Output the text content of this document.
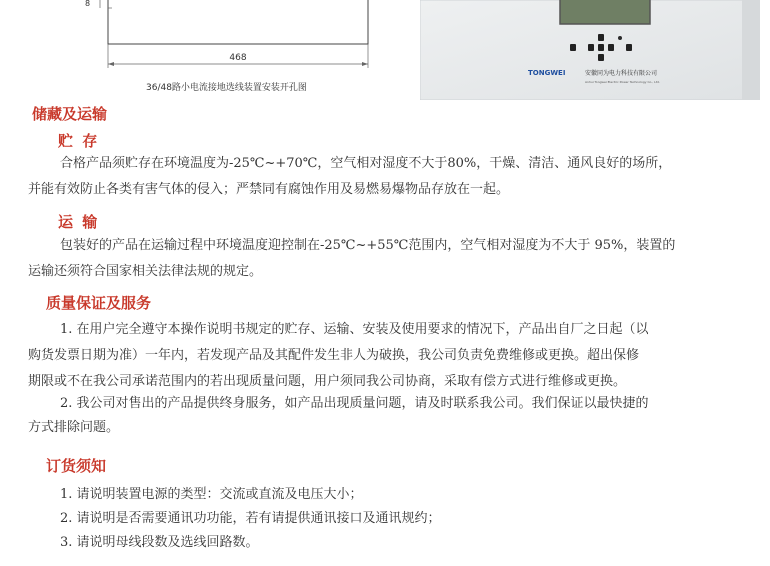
8
468
36/48路小电流接地选线装置安装开孔图
TONGWEI	安徽同为电力科技有限公司
Anhui Tongwei Electric Power Technology Co., Ltd.
储藏及运输
贮 存
合格产品须贮存在环境温度为-25℃~+70℃，空气相对湿度不大于80%，干燥、清洁、通风良好的场所，
并能有效防止各类有害气体的侵入；严禁同有腐蚀作用及易燃易爆物品存放在一起。
运 输
包装好的产品在运输过程中环境温度迎控制在-25℃~+55℃范围内，空气相对湿度为不大于 95%，装置的
运输还须符合国家相关法律法规的规定。
质量保证及服务
1. 在用户完全遵守本操作说明书规定的贮存、运输、安装及使用要求的情况下，产品出自厂之日起（以
购货发票日期为准）一年内，若发现产品及其配件发生非人为破换，我公司负责免费维修或更换。超出保修
期限或不在我公司承诺范围内的若出现质量问题，用户须同我公司协商，采取有偿方式进行维修或更换。
2. 我公司对售出的产品提供终身服务，如产品出现质量问题，请及时联系我公司。我们保证以最快捷的
方式排除问题。
订货须知
1. 请说明装置电源的类型：交流或直流及电压大小；
2. 请说明是否需要通讯功功能，若有请提供通讯接口及通讯规约；
3. 请说明母线段数及选线回路数。
